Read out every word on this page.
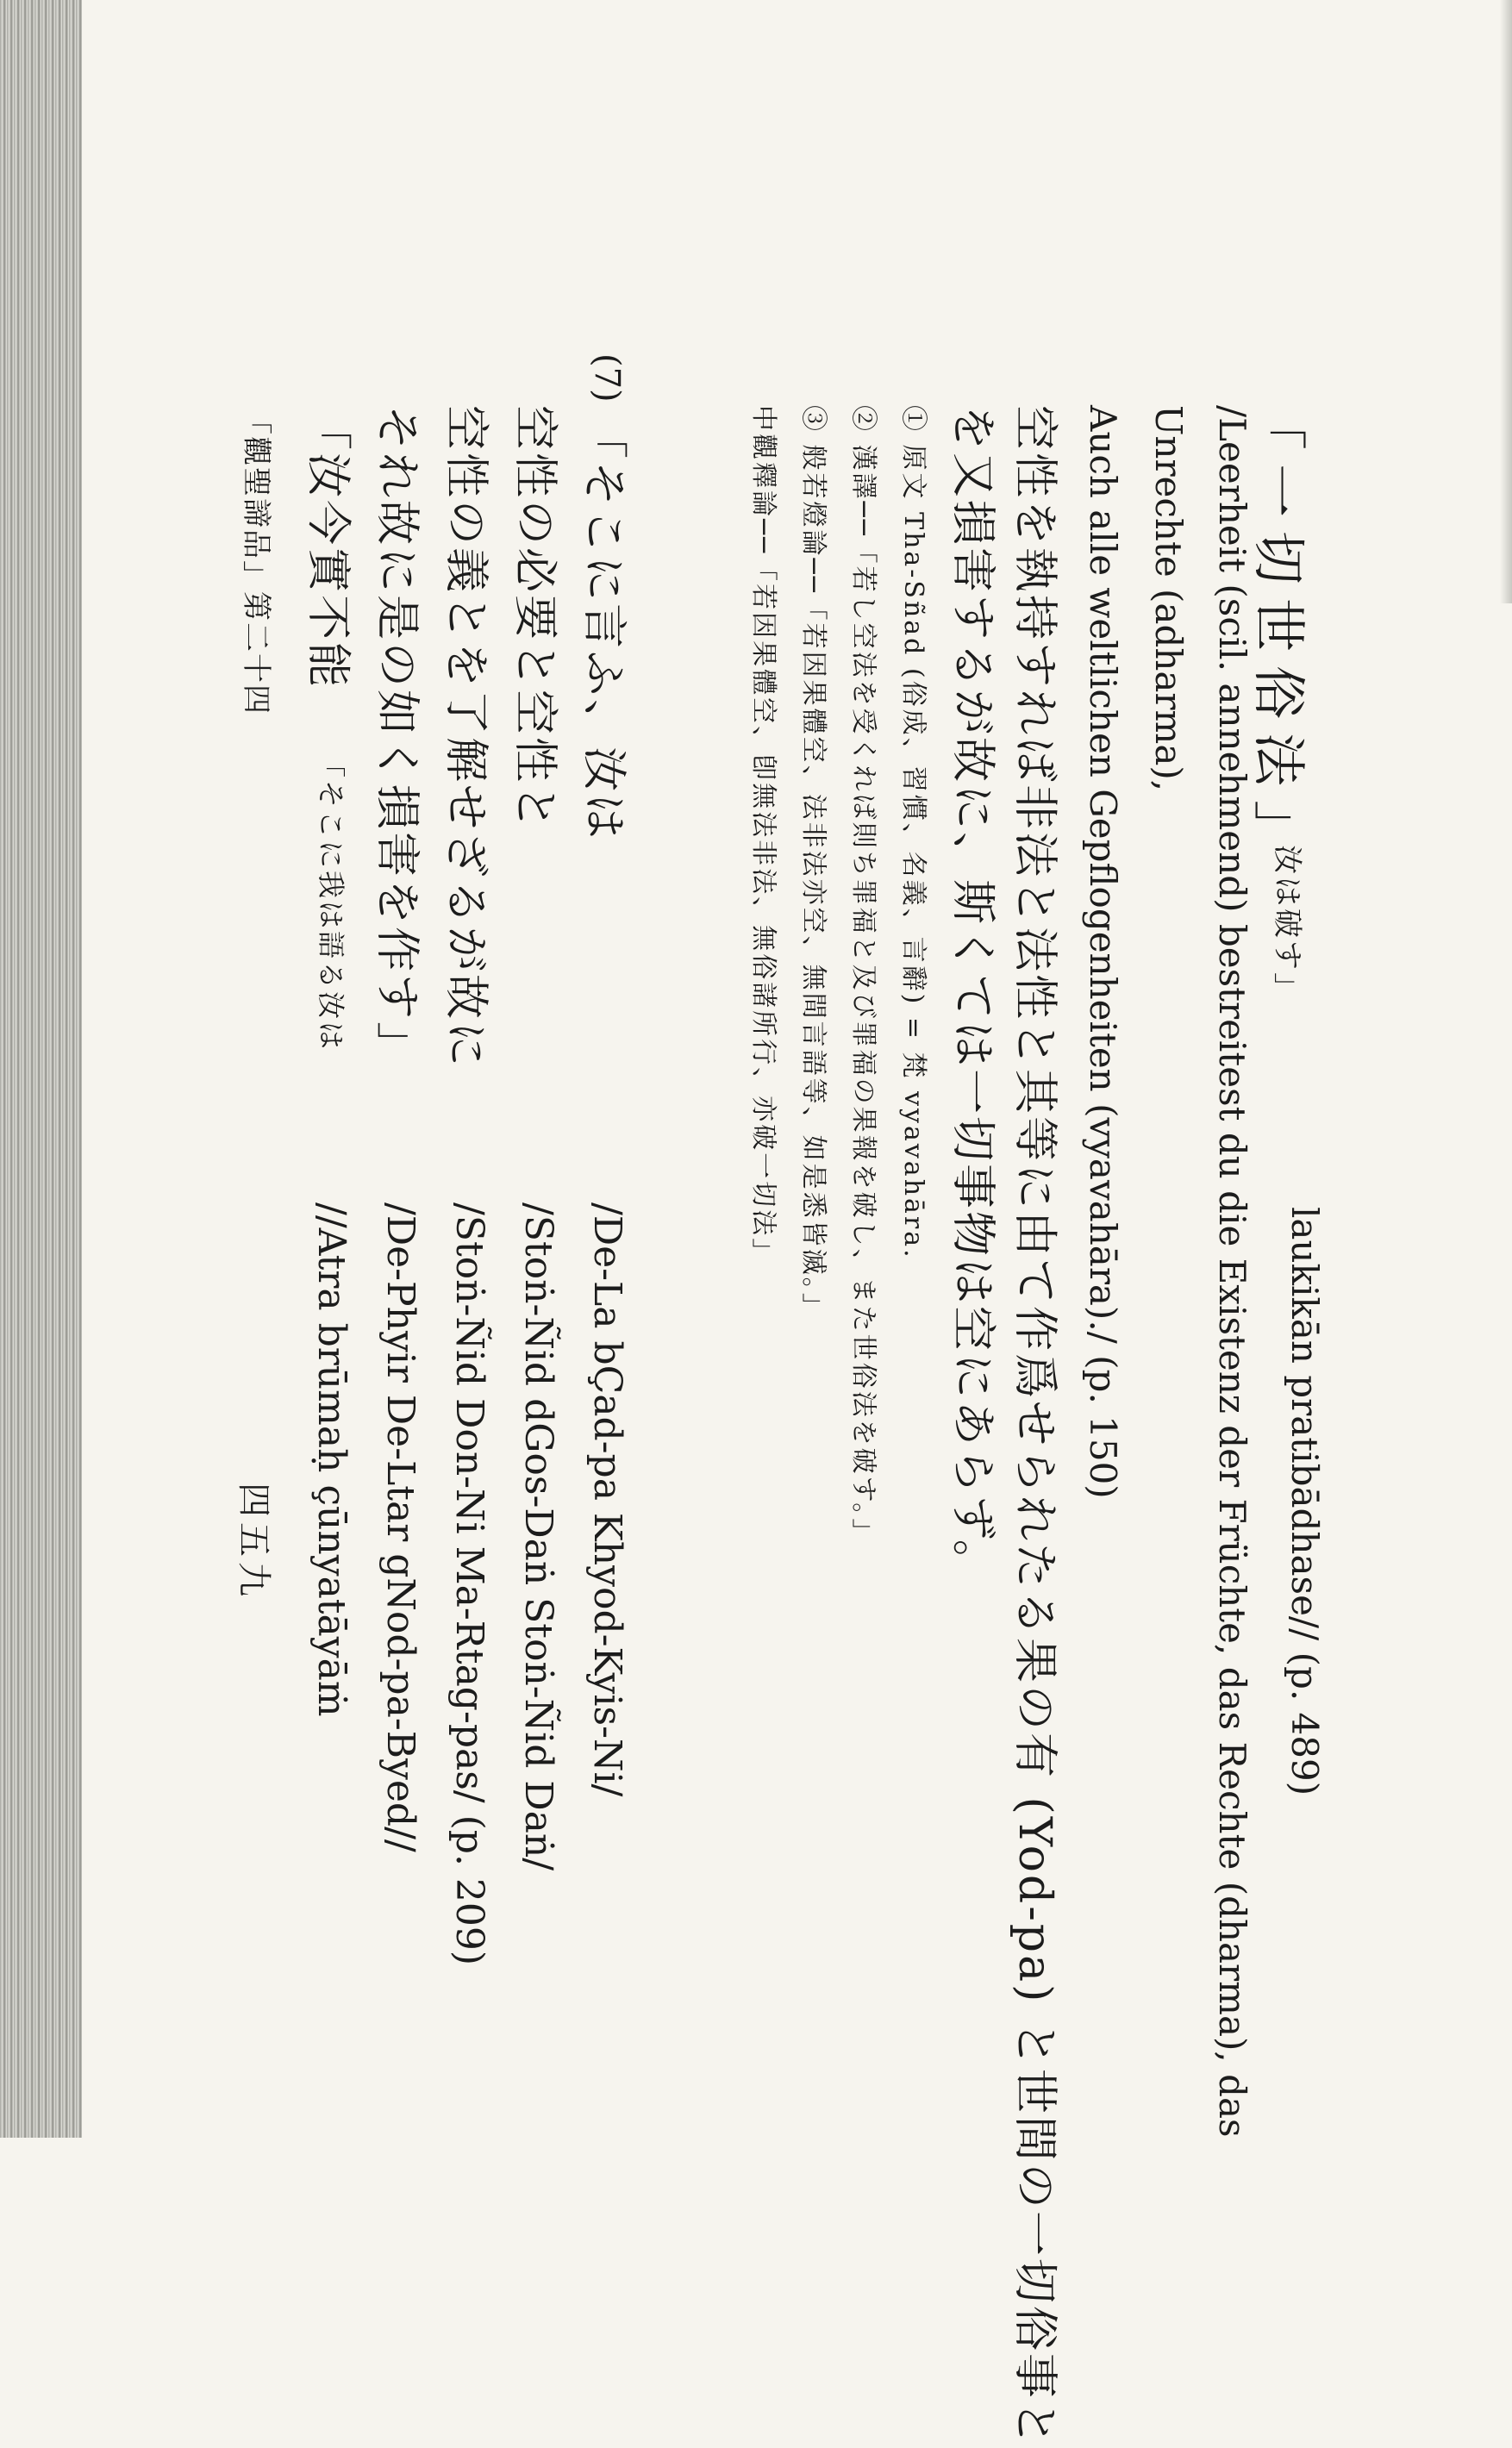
「一切世俗法」
汝は破す」
laukikān pratibādhase// (p. 489)
/Leerheit (scil. annehmend) bestreitest du die Existenz der Früchte, das Rechte (dharma), das
Unrechte (adharma),
Auch alle weltlichen Gepflogenheiten (vyavahāra)./ (p. 150)
空性を執持すれば非法と法性と其等に由て作爲せられたる果の有 (Yod-pa) と世間の一切俗事と
を又損害するが故に、斯くては一切事物は空にあらず。
① 原文 Tha-Sñad (俗成、習慣、名義、言辭) = 梵 vyavahāra.
② 漢譯──「若し空法を受くれば則ち罪福と及び罪福の果報を破し、また世俗法を破す。」
③ 般若燈論──「若因果體空、法非法亦空、無間言語等、如是悉皆滅。」
中觀釋論──「若因果體空、卽無法非法、無俗諸所行、亦破一切法」
(7)
「そこに言ふ、汝は
空性の必要と空性と
空性の義とを了解せざるが故に
それ故に是の如く損害を作す」
「汝今實不能
「そこに我は語る汝は
/De-La bÇad-pa Khyod-Kyis-Ni/
/Stoṅ-Ñid dGos-Daṅ Stoṅ-Ñid Daṅ/
/Stoṅ-Ñid Don-Ni Ma-Rtag-pas/ (p. 209)
/De-Phyir De-Ltar gNod-pa-Byed//
//Atra brūmaḥ çūnyatāyāṁ
「觀聖諦品」第二十四
四五九
